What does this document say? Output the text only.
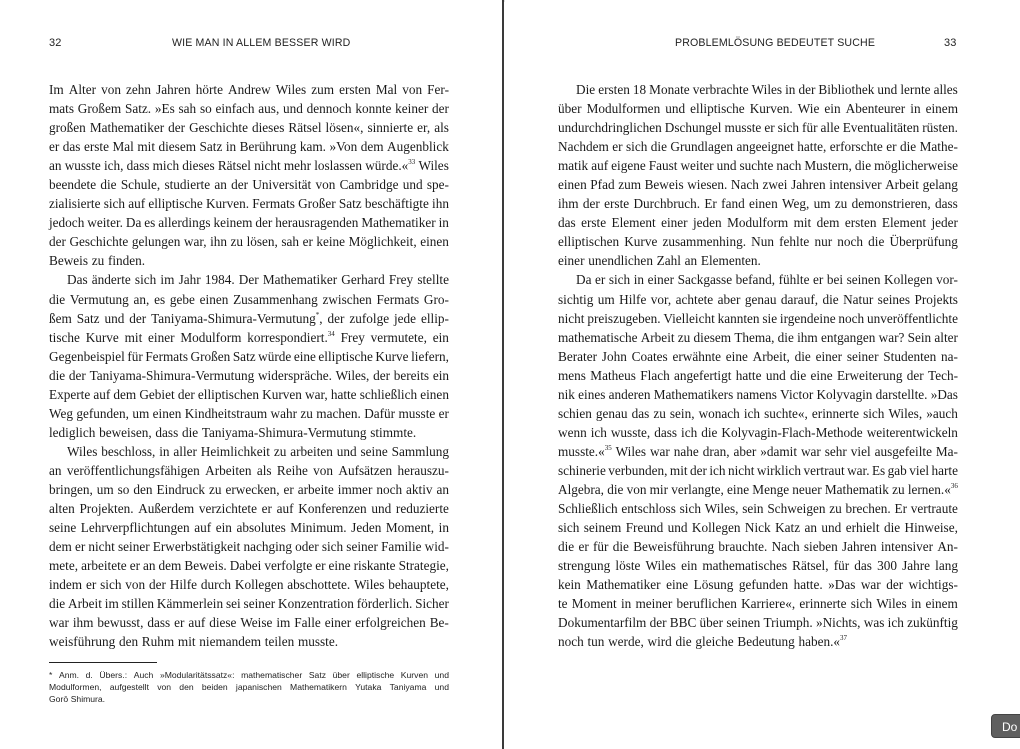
32	WIE MAN IN ALLEM BESSER WIRD
Im Alter von zehn Jahren hörte Andrew Wiles zum ersten Mal von Fer-
mats Großem Satz. »Es sah so einfach aus, und dennoch konnte keiner der
großen Mathematiker der Geschichte dieses Rätsel lösen«, sinnierte er, als
er das erste Mal mit diesem Satz in Berührung kam. »Von dem Augenblick
an wusste ich, dass mich dieses Rätsel nicht mehr loslassen würde.«$^{33}$ Wiles
beendete die Schule, studierte an der Universität von Cambridge und spe-
zialisierte sich auf elliptische Kurven. Fermats Großer Satz beschäftigte ihn
jedoch weiter. Da es allerdings keinem der herausragenden Mathematiker in
der Geschichte gelungen war, ihn zu lösen, sah er keine Möglichkeit, einen
Beweis zu finden.
Das änderte sich im Jahr 1984. Der Mathematiker Gerhard Frey stellte
die Vermutung an, es gebe einen Zusammenhang zwischen Fermats Gro-
ßem Satz und der Taniyama-Shimura-Vermutung*, der zufolge jede ellip-
tische Kurve mit einer Modulform korrespondiert.$^{34}$ Frey vermutete, ein
Gegenbeispiel für Fermats Großen Satz würde eine elliptische Kurve liefern,
die der Taniyama-Shimura-Vermutung widerspräche. Wiles, der bereits ein
Experte auf dem Gebiet der elliptischen Kurven war, hatte schließlich einen
Weg gefunden, um einen Kindheitstraum wahr zu machen. Dafür musste er
lediglich beweisen, dass die Taniyama-Shimura-Vermutung stimmte.
Wiles beschloss, in aller Heimlichkeit zu arbeiten und seine Sammlung
an veröffentlichungsfähigen Arbeiten als Reihe von Aufsätzen herauszu-
bringen, um so den Eindruck zu erwecken, er arbeite immer noch aktiv an
alten Projekten. Außerdem verzichtete er auf Konferenzen und reduzierte
seine Lehrverpflichtungen auf ein absolutes Minimum. Jeden Moment, in
dem er nicht seiner Erwerbstätigkeit nachging oder sich seiner Familie wid-
mete, arbeitete er an dem Beweis. Dabei verfolgte er eine riskante Strategie,
indem er sich von der Hilfe durch Kollegen abschottete. Wiles behauptete,
die Arbeit im stillen Kämmerlein sei seiner Konzentration förderlich. Sicher
war ihm bewusst, dass er auf diese Weise im Falle einer erfolgreichen Be-
weisführung den Ruhm mit niemandem teilen musste.
* Anm. d. Übers.: Auch »Modularitätssatz«: mathematischer Satz über elliptische Kurven und
Modulformen, aufgestellt von den beiden japanischen Mathematikern Yutaka Taniyama und
Gorō Shimura.
PROBLEMLÖSUNG BEDEUTET SUCHE	33
Die ersten 18 Monate verbrachte Wiles in der Bibliothek und lernte alles
über Modulformen und elliptische Kurven. Wie ein Abenteurer in einem
undurchdringlichen Dschungel musste er sich für alle Eventualitäten rüsten.
Nachdem er sich die Grundlagen angeeignet hatte, erforschte er die Mathe-
matik auf eigene Faust weiter und suchte nach Mustern, die möglicherweise
einen Pfad zum Beweis wiesen. Nach zwei Jahren intensiver Arbeit gelang
ihm der erste Durchbruch. Er fand einen Weg, um zu demonstrieren, dass
das erste Element einer jeden Modulform mit dem ersten Element jeder
elliptischen Kurve zusammenhing. Nun fehlte nur noch die Überprüfung
einer unendlichen Zahl an Elementen.
Da er sich in einer Sackgasse befand, fühlte er bei seinen Kollegen vor-
sichtig um Hilfe vor, achtete aber genau darauf, die Natur seines Projekts
nicht preiszugeben. Vielleicht kannten sie irgendeine noch unveröffentlichte
mathematische Arbeit zu diesem Thema, die ihm entgangen war? Sein alter
Berater John Coates erwähnte eine Arbeit, die einer seiner Studenten na-
mens Matheus Flach angefertigt hatte und die eine Erweiterung der Tech-
nik eines anderen Mathematikers namens Victor Kolyvagin darstellte. »Das
schien genau das zu sein, wonach ich suchte«, erinnerte sich Wiles, »auch
wenn ich wusste, dass ich die Kolyvagin-Flach-Methode weiterentwickeln
musste.«$^{35}$ Wiles war nahe dran, aber »damit war sehr viel ausgefeilte Ma-
schinerie verbunden, mit der ich nicht wirklich vertraut war. Es gab viel harte
Algebra, die von mir verlangte, eine Menge neuer Mathematik zu lernen.«$^{36}$
Schließlich entschloss sich Wiles, sein Schweigen zu brechen. Er vertraute
sich seinem Freund und Kollegen Nick Katz an und erhielt die Hinweise,
die er für die Beweisführung brauchte. Nach sieben Jahren intensiver An-
strengung löste Wiles ein mathematisches Rätsel, für das 300 Jahre lang
kein Mathematiker eine Lösung gefunden hatte. »Das war der wichtigs-
te Moment in meiner beruflichen Karriere«, erinnerte sich Wiles in einem
Dokumentarfilm der BBC über seinen Triumph. »Nichts, was ich zukünftig
noch tun werde, wird die gleiche Bedeutung haben.«$^{37}$
Do
